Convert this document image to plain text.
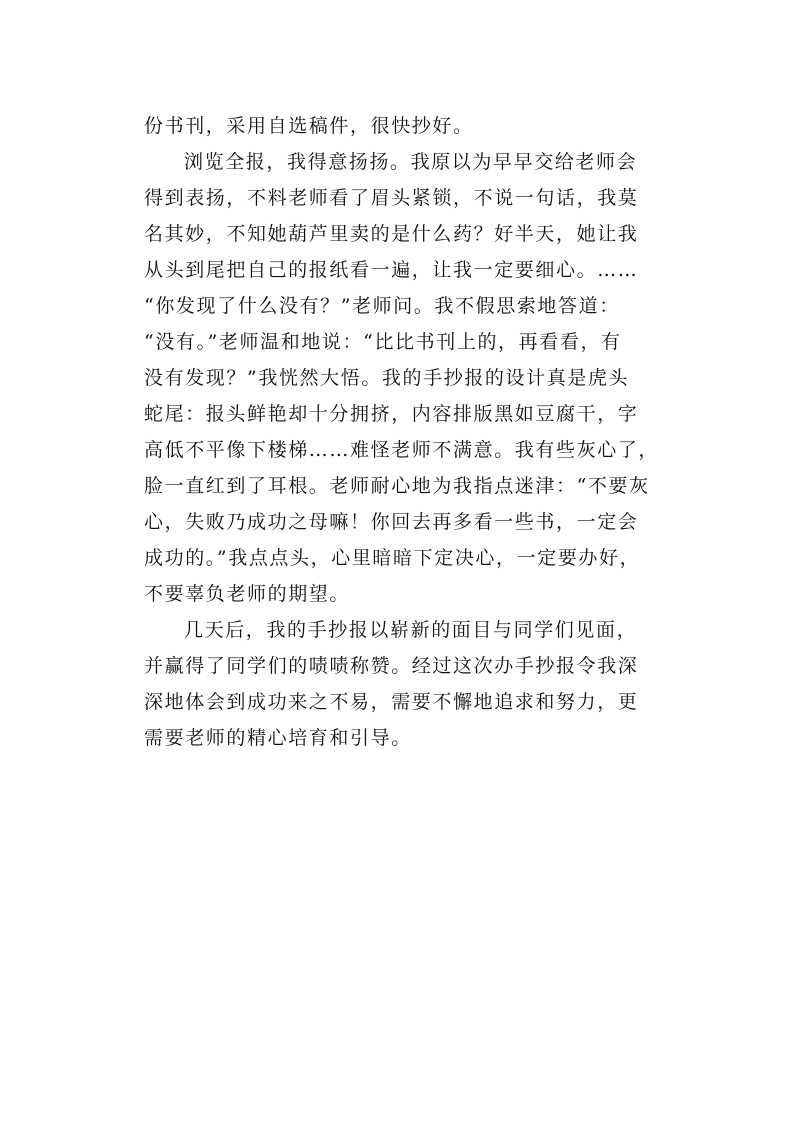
份书刊，采用自选稿件，很快抄好。
浏览全报，我得意扬扬。我原以为早早交给老师会
得到表扬，不料老师看了眉头紧锁，不说一句话，我莫
名其妙，不知她葫芦里卖的是什么药？好半天，她让我
从头到尾把自己的报纸看一遍，让我一定要细心。……
“你发现了什么没有？”老师问。我不假思索地答道：
“没有。”老师温和地说：“比比书刊上的，再看看，有
没有发现？”我恍然大悟。我的手抄报的设计真是虎头
蛇尾：报头鲜艳却十分拥挤，内容排版黑如豆腐干，字
高低不平像下楼梯……难怪老师不满意。我有些灰心了，
脸一直红到了耳根。老师耐心地为我指点迷津：“不要灰
心，失败乃成功之母嘛！你回去再多看一些书，一定会
成功的。”我点点头，心里暗暗下定决心，一定要办好，
不要辜负老师的期望。
几天后，我的手抄报以崭新的面目与同学们见面，
并赢得了同学们的啧啧称赞。经过这次办手抄报令我深
深地体会到成功来之不易，需要不懈地追求和努力，更
需要老师的精心培育和引导。
